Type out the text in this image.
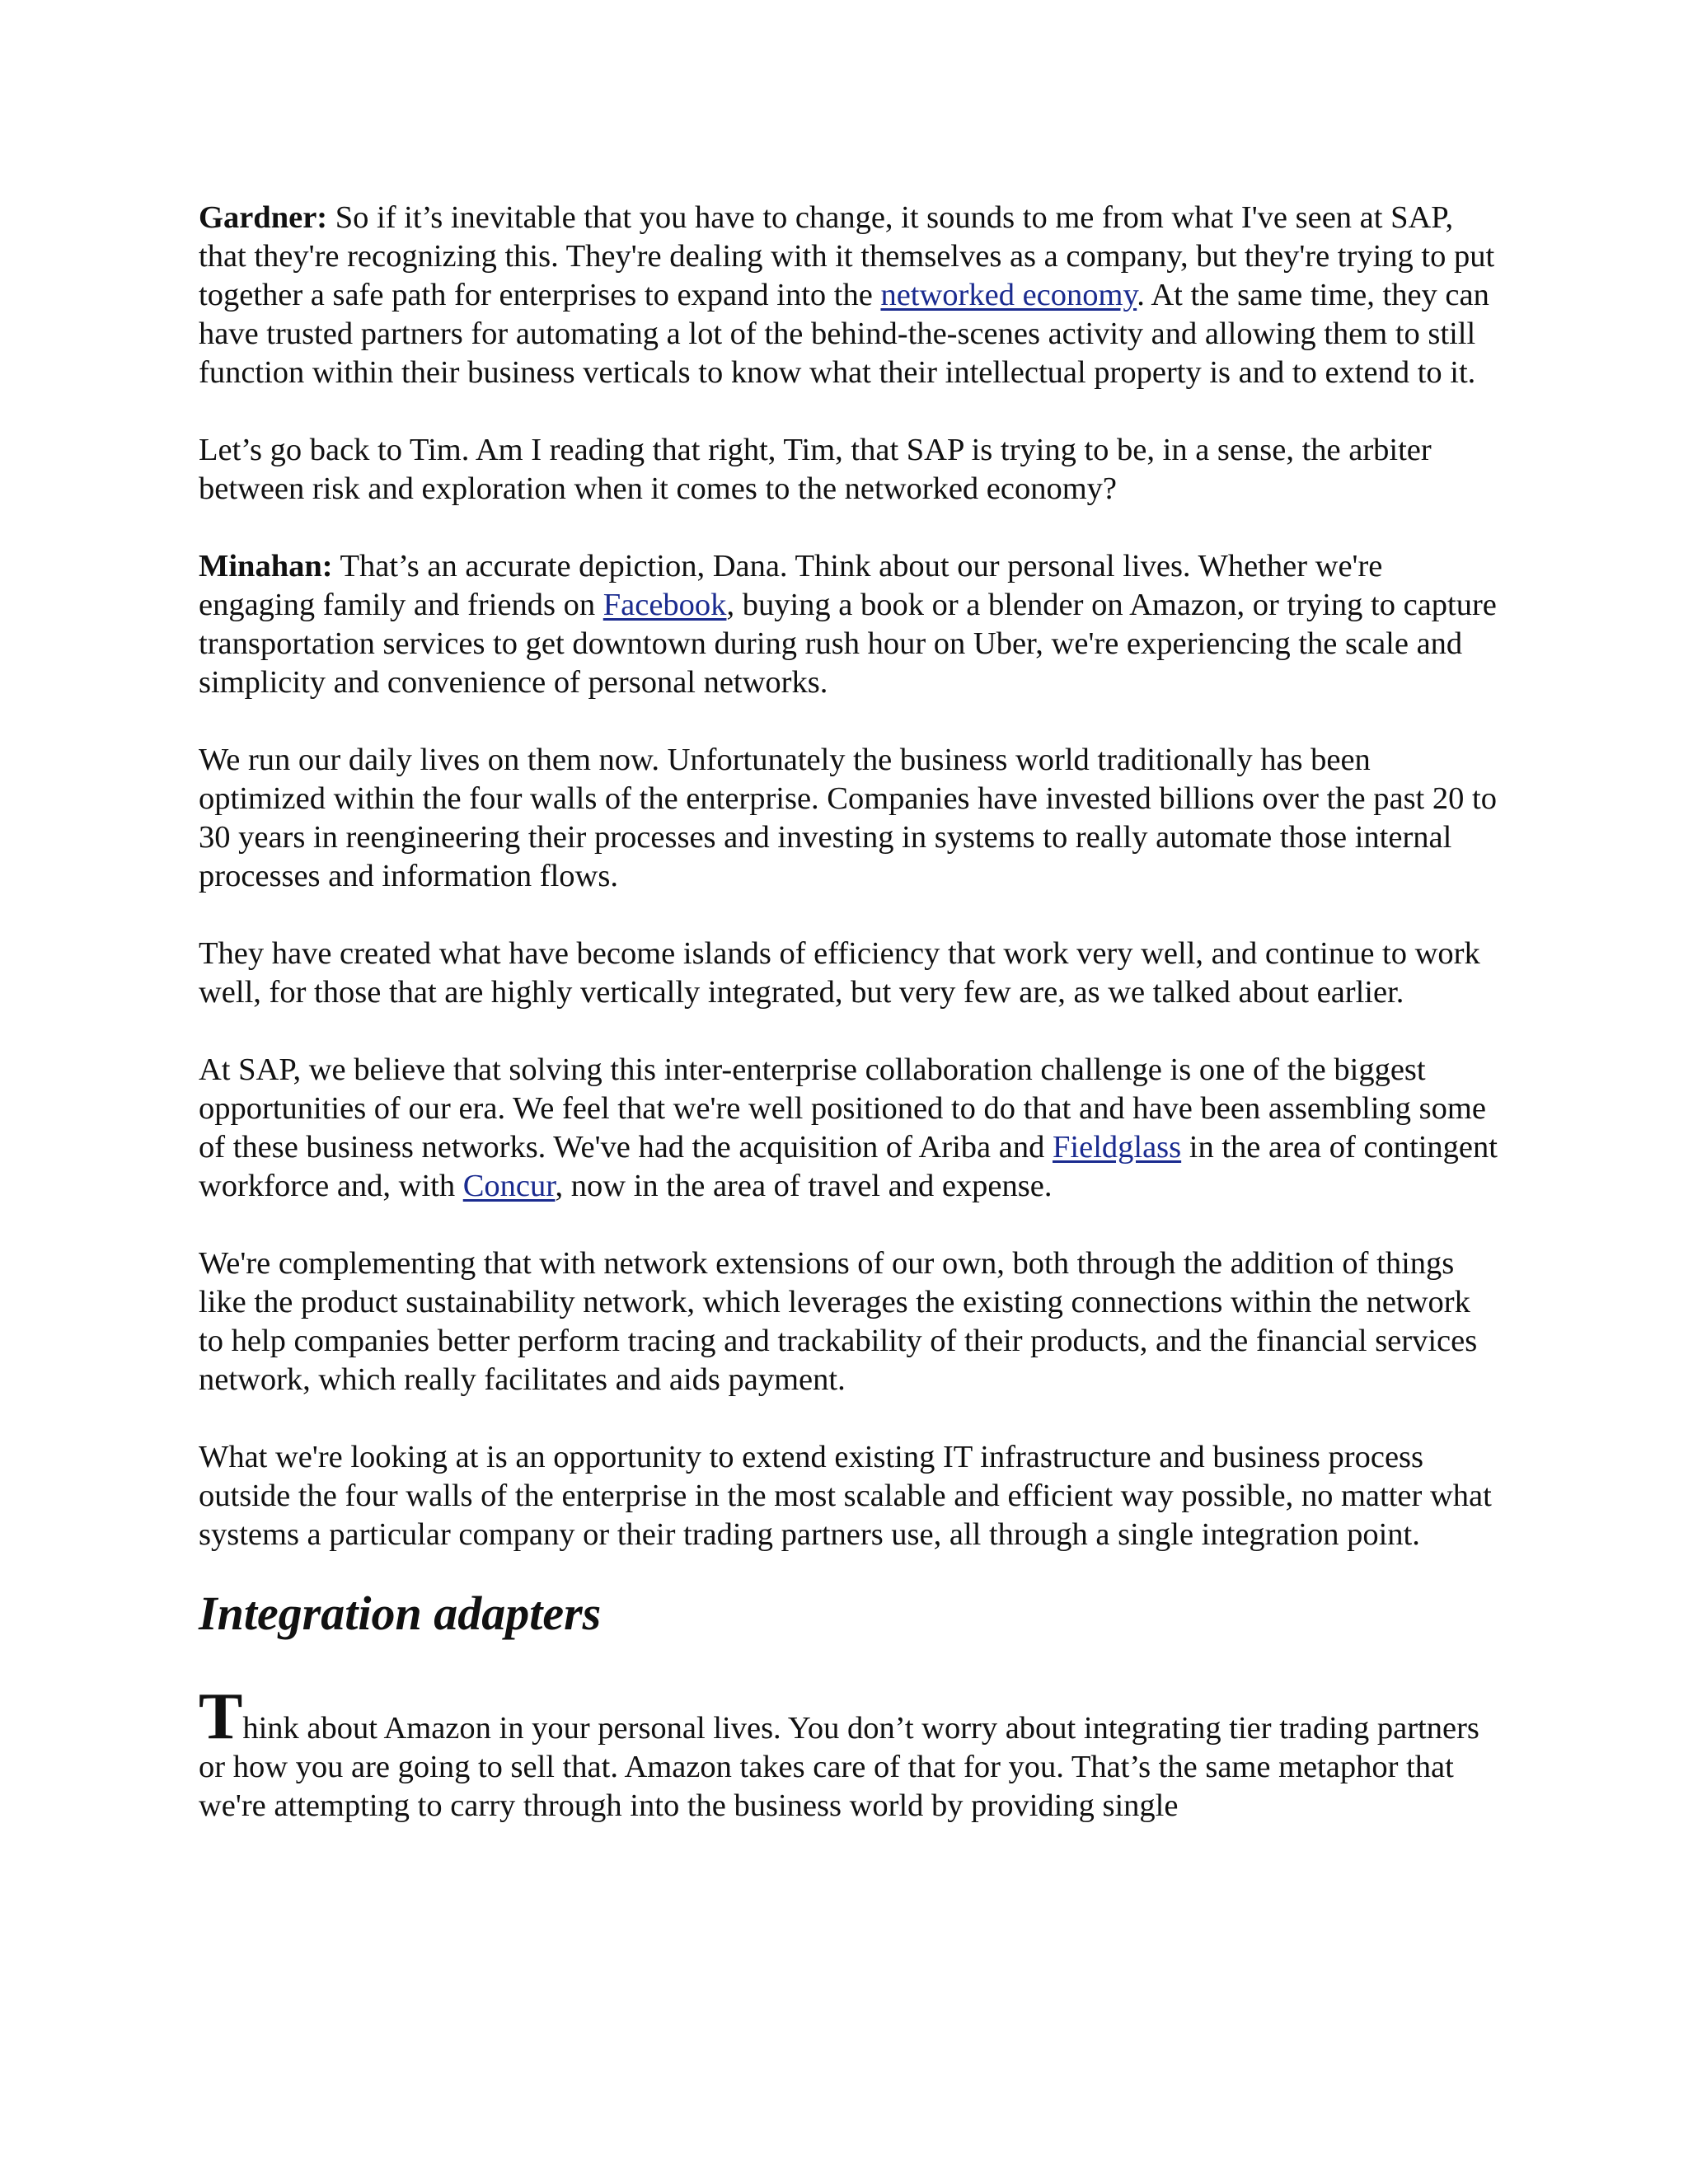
Gardner: So if it’s inevitable that you have to change, it sounds to me from what I've seen at SAP, that they're recognizing this. They're dealing with it themselves as a company, but they're trying to put together a safe path for enterprises to expand into the networked economy. At the same time, they can have trusted partners for automating a lot of the behind-the-scenes activity and allowing them to still function within their business verticals to know what their intellectual property is and to extend to it.

Let’s go back to Tim. Am I reading that right, Tim, that SAP is trying to be, in a sense, the arbiter between risk and exploration when it comes to the networked economy?

Minahan: That’s an accurate depiction, Dana. Think about our personal lives. Whether we're engaging family and friends on Facebook, buying a book or a blender on Amazon, or trying to capture transportation services to get downtown during rush hour on Uber, we're experiencing the scale and simplicity and convenience of personal networks.

We run our daily lives on them now. Unfortunately the business world traditionally has been optimized within the four walls of the enterprise. Companies have invested billions over the past 20 to 30 years in reengineering their processes and investing in systems to really automate those internal processes and information flows.

They have created what have become islands of efficiency that work very well, and continue to work well, for those that are highly vertically integrated, but very few are, as we talked about earlier.

At SAP, we believe that solving this inter-enterprise collaboration challenge is one of the biggest opportunities of our era. We feel that we're well positioned to do that and have been assembling some of these business networks. We've had the acquisition of Ariba and Fieldglass in the area of contingent workforce and, with Concur, now in the area of travel and expense.

We're complementing that with network extensions of our own, both through the addition of things like the product sustainability network, which leverages the existing connections within the network to help companies better perform tracing and trackability of their products, and the financial services network, which really facilitates and aids payment.

What we're looking at is an opportunity to extend existing IT infrastructure and business process outside the four walls of the enterprise in the most scalable and efficient way possible, no matter what systems a particular company or their trading partners use, all through a single integration point.

Integration adapters

Think about Amazon in your personal lives. You don’t worry about integrating tier trading partners or how you are going to sell that. Amazon takes care of that for you. That’s the same metaphor that we're attempting to carry through into the business world by providing single
